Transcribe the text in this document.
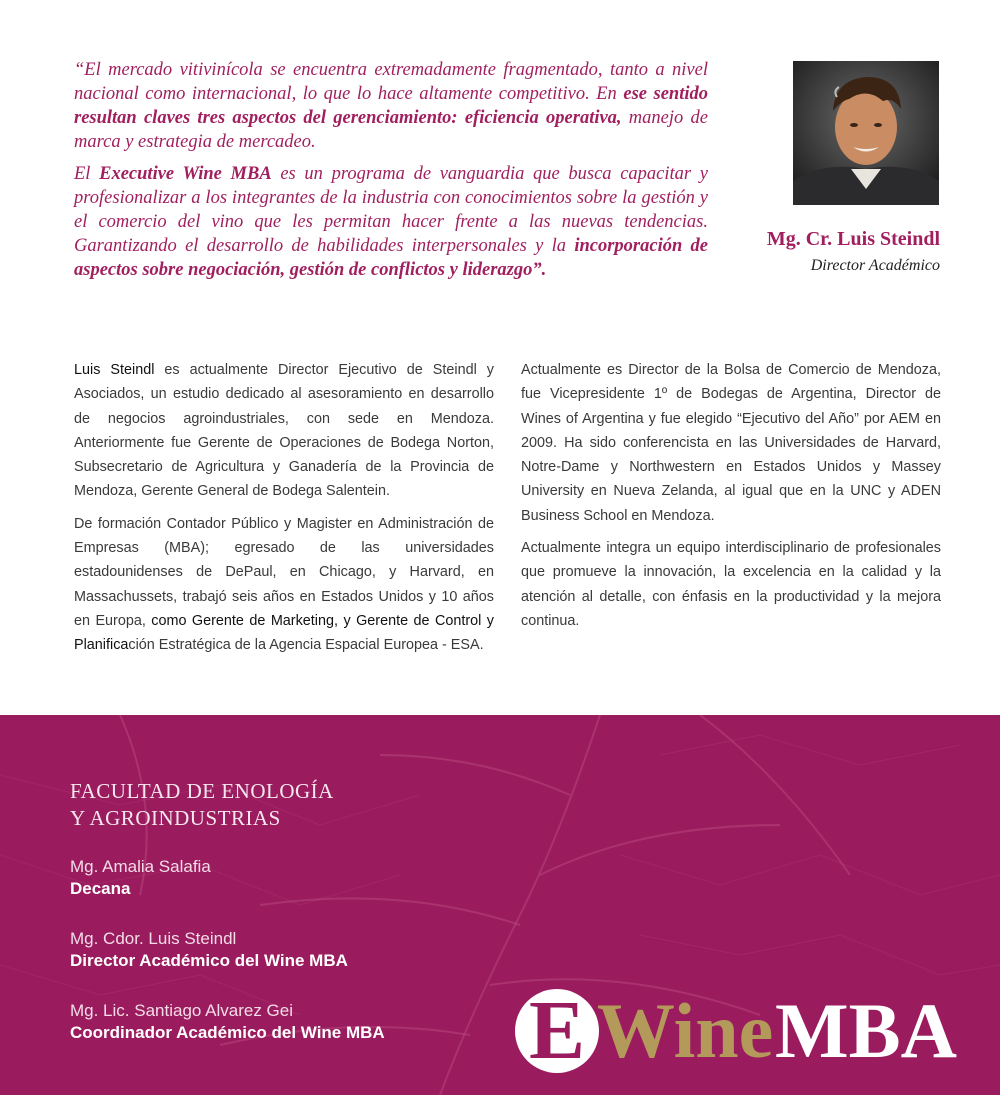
“El mercado vitivinícola se encuentra extremadamente fragmentado, tanto a nivel nacional como internacional, lo que lo hace altamente competitivo. En ese sentido resultan claves tres aspectos del gerenciamiento: eficiencia operativa, manejo de marca y estrategia de mercadeo.

El Executive Wine MBA es un programa de vanguardia que busca capacitar y profesionalizar a los integrantes de la industria con conocimientos sobre la gestión y el comercio del vino que les permitan hacer frente a las nuevas tendencias. Garantizando el desarrollo de habilidades interpersonales y la incorporación de aspectos sobre negociación, gestión de conflictos y liderazgo”.

Mg. Cr. Luis Steindl
Director Académico

Luis Steindl es actualmente Director Ejecutivo de Steindl y Asociados, un estudio dedicado al asesoramiento en desarrollo de negocios agroindustriales, con sede en Mendoza. Anteriormente fue Gerente de Operaciones de Bodega Norton, Subsecretario de Agricultura y Ganadería de la Provincia de Mendoza, Gerente General de Bodega Salentein.

De formación Contador Público y Magister en Administración de Empresas (MBA); egresado de las universidades estadounidenses de DePaul, en Chicago, y Harvard, en Massachussets, trabajó seis años en Estados Unidos y 10 años en Europa, como Gerente de Marketing, y Gerente de Control y Planificación Estratégica de la Agencia Espacial Europea - ESA.

Actualmente es Director de la Bolsa de Comercio de Mendoza, fue Vicepresidente 1º de Bodegas de Argentina, Director de Wines of Argentina y fue elegido “Ejecutivo del Año” por AEM en 2009. Ha sido conferencista en las Universidades de Harvard, Notre-Dame y Northwestern en Estados Unidos y Massey University en Nueva Zelanda, al igual que en la UNC y ADEN Business School en Mendoza.

Actualmente integra un equipo interdisciplinario de profesionales que promueve la innovación, la excelencia en la calidad y la atención al detalle, con énfasis en la productividad y la mejora continua.

FACULTAD DE ENOLOGÍA
Y AGROINDUSTRIAS
Mg. Amalia Salafia
Decana
Mg. Cdor. Luis Steindl
Director Académico del Wine MBA
Mg. Lic. Santiago Alvarez Gei
Coordinador Académico del Wine MBA E Wine MBA
